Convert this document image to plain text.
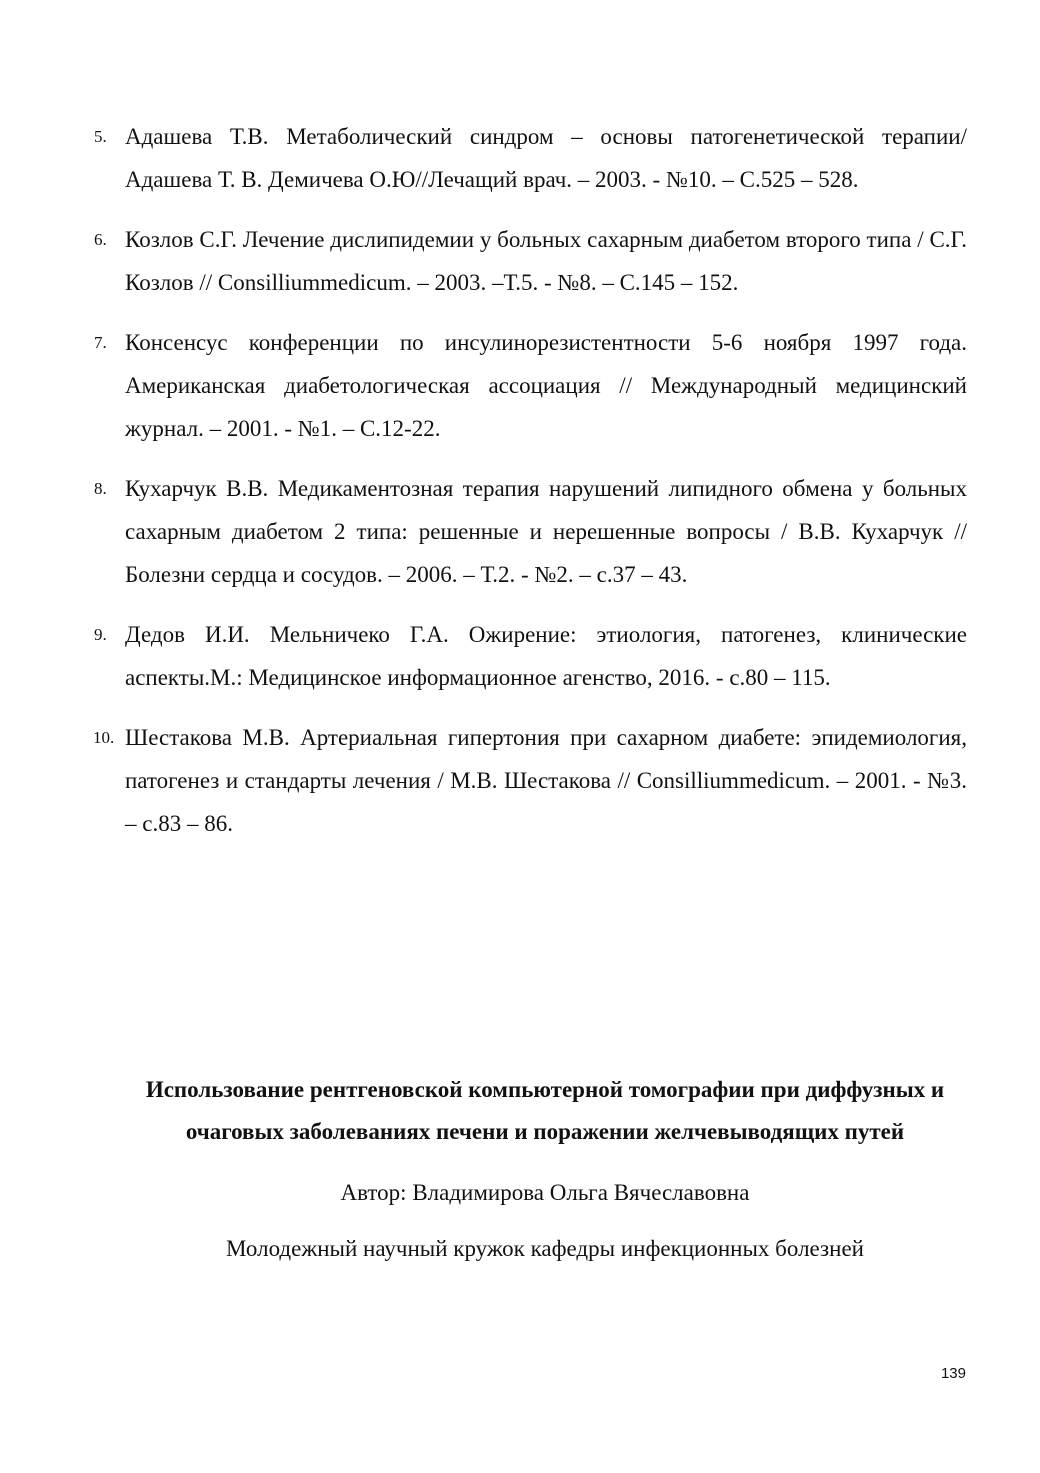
5. Адашева Т.В. Метаболический синдром – основы патогенетической терапии/Адашева Т. В. Демичева О.Ю//Лечащий врач. – 2003. - №10. – С.525 – 528.
6. Козлов С.Г. Лечение дислипидемии у больных сахарным диабетом второго типа / С.Г. Козлов // Consilliummedicum. – 2003. –Т.5. - №8. – С.145 – 152.
7. Консенсус конференции по инсулинорезистентности 5-6 ноября 1997 года. Американская диабетологическая ассоциация // Международный медицинский журнал. – 2001. - №1. – С.12-22.
8. Кухарчук В.В. Медикаментозная терапия нарушений липидного обмена у больных сахарным диабетом 2 типа: решенные и нерешенные вопросы / В.В. Кухарчук // Болезни сердца и сосудов. – 2006. – Т.2. - №2. – с.37 – 43.
9. Дедов И.И. Мельничеко Г.А. Ожирение: этиология, патогенез, клинические аспекты.М.: Медицинское информационное агенство, 2016. - с.80 – 115.
10. Шестакова М.В. Артериальная гипертония при сахарном диабете: эпидемиология, патогенез и стандарты лечения / М.В. Шестакова // Consilliummedicum. – 2001. - №3. – с.83 – 86.
Использование рентгеновской компьютерной томографии при диффузных и очаговых заболеваниях печени и поражении желчевыводящих путей
Автор: Владимирова Ольга Вячеславовна
Молодежный научный кружок кафедры инфекционных болезней
139
